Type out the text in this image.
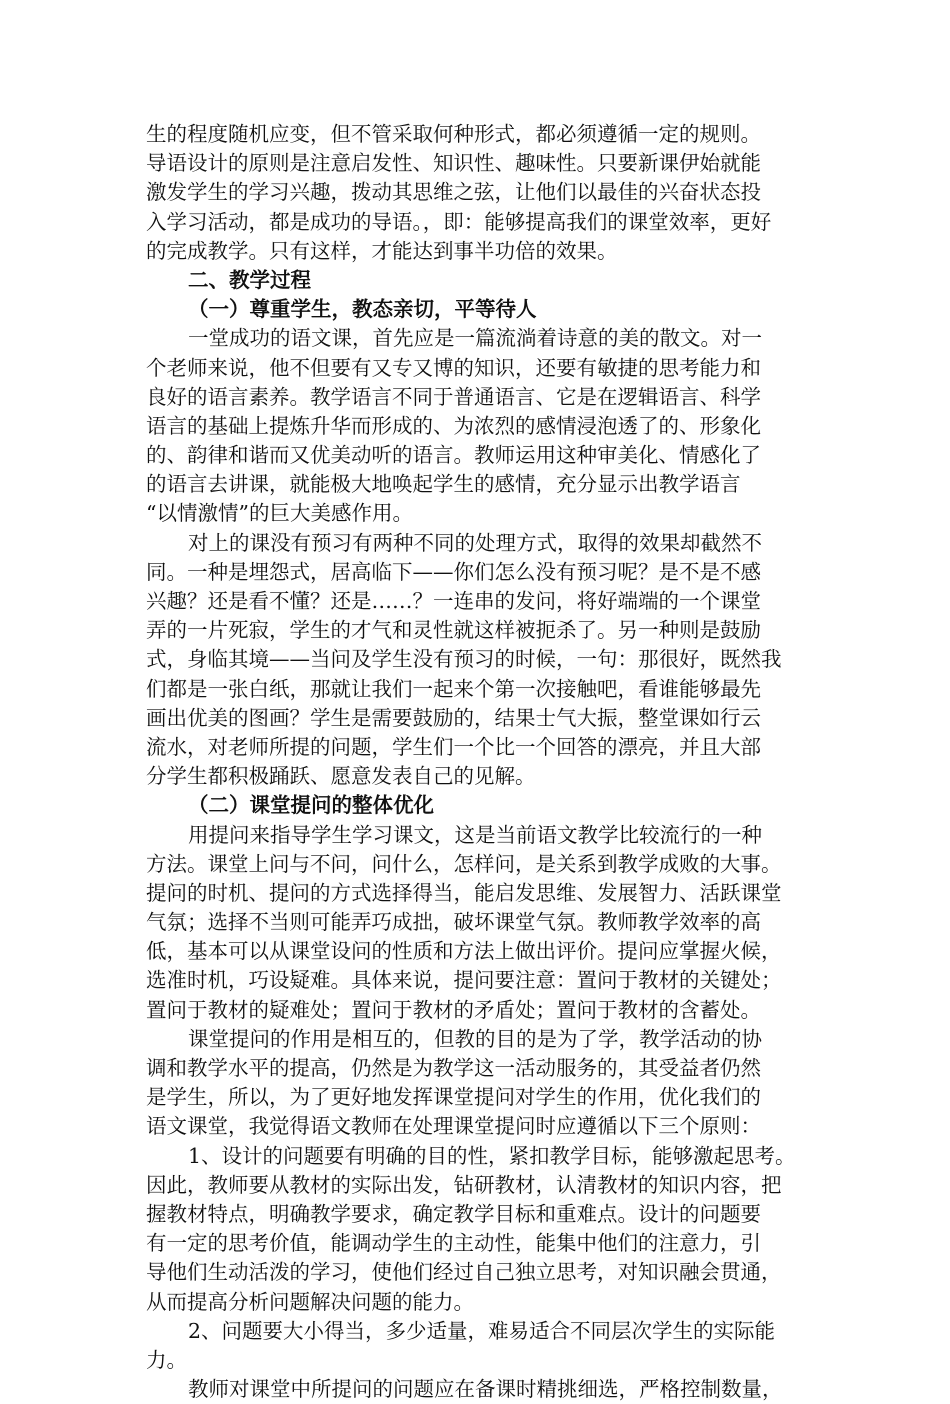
生的程度随机应变，但不管采取何种形式，都必须遵循一定的规则。
导语设计的原则是注意启发性、知识性、趣味性。只要新课伊始就能
激发学生的学习兴趣，拨动其思维之弦，让他们以最佳的兴奋状态投
入学习活动，都是成功的导语。，即：能够提高我们的课堂效率，更好
的完成教学。只有这样，才能达到事半功倍的效果。
二、教学过程
（一）尊重学生，教态亲切，平等待人
一堂成功的语文课，首先应是一篇流淌着诗意的美的散文。对一
个老师来说，他不但要有又专又博的知识，还要有敏捷的思考能力和
良好的语言素养。教学语言不同于普通语言、它是在逻辑语言、科学
语言的基础上提炼升华而形成的、为浓烈的感情浸泡透了的、形象化
的、韵律和谐而又优美动听的语言。教师运用这种审美化、情感化了
的语言去讲课，就能极大地唤起学生的感情，充分显示出教学语言
“以情激情”的巨大美感作用。
对上的课没有预习有两种不同的处理方式，取得的效果却截然不
同。一种是埋怨式，居高临下——你们怎么没有预习呢？是不是不感
兴趣？还是看不懂？还是……？一连串的发问，将好端端的一个课堂
弄的一片死寂，学生的才气和灵性就这样被扼杀了。另一种则是鼓励
式，身临其境——当问及学生没有预习的时候，一句：那很好，既然我
们都是一张白纸，那就让我们一起来个第一次接触吧，看谁能够最先
画出优美的图画？学生是需要鼓励的，结果士气大振，整堂课如行云
流水，对老师所提的问题，学生们一个比一个回答的漂亮，并且大部
分学生都积极踊跃、愿意发表自己的见解。
（二）课堂提问的整体优化
用提问来指导学生学习课文，这是当前语文教学比较流行的一种
方法。课堂上问与不问，问什么，怎样问，是关系到教学成败的大事。
提问的时机、提问的方式选择得当，能启发思维、发展智力、活跃课堂
气氛；选择不当则可能弄巧成拙，破坏课堂气氛。教师教学效率的高
低，基本可以从课堂设问的性质和方法上做出评价。提问应掌握火候，
选准时机，巧设疑难。具体来说，提问要注意：置问于教材的关键处；
置问于教材的疑难处；置问于教材的矛盾处；置问于教材的含蓄处。
课堂提问的作用是相互的，但教的目的是为了学，教学活动的协
调和教学水平的提高，仍然是为教学这一活动服务的，其受益者仍然
是学生，所以，为了更好地发挥课堂提问对学生的作用，优化我们的
语文课堂，我觉得语文教师在处理课堂提问时应遵循以下三个原则：
1、设计的问题要有明确的目的性，紧扣教学目标，能够激起思考。
因此，教师要从教材的实际出发，钻研教材，认清教材的知识内容，把
握教材特点，明确教学要求，确定教学目标和重难点。设计的问题要
有一定的思考价值，能调动学生的主动性，能集中他们的注意力，引
导他们生动活泼的学习，使他们经过自己独立思考，对知识融会贯通，
从而提高分析问题解决问题的能力。
2、问题要大小得当，多少适量，难易适合不同层次学生的实际能
力。
教师对课堂中所提问的问题应在备课时精挑细选，严格控制数量，
